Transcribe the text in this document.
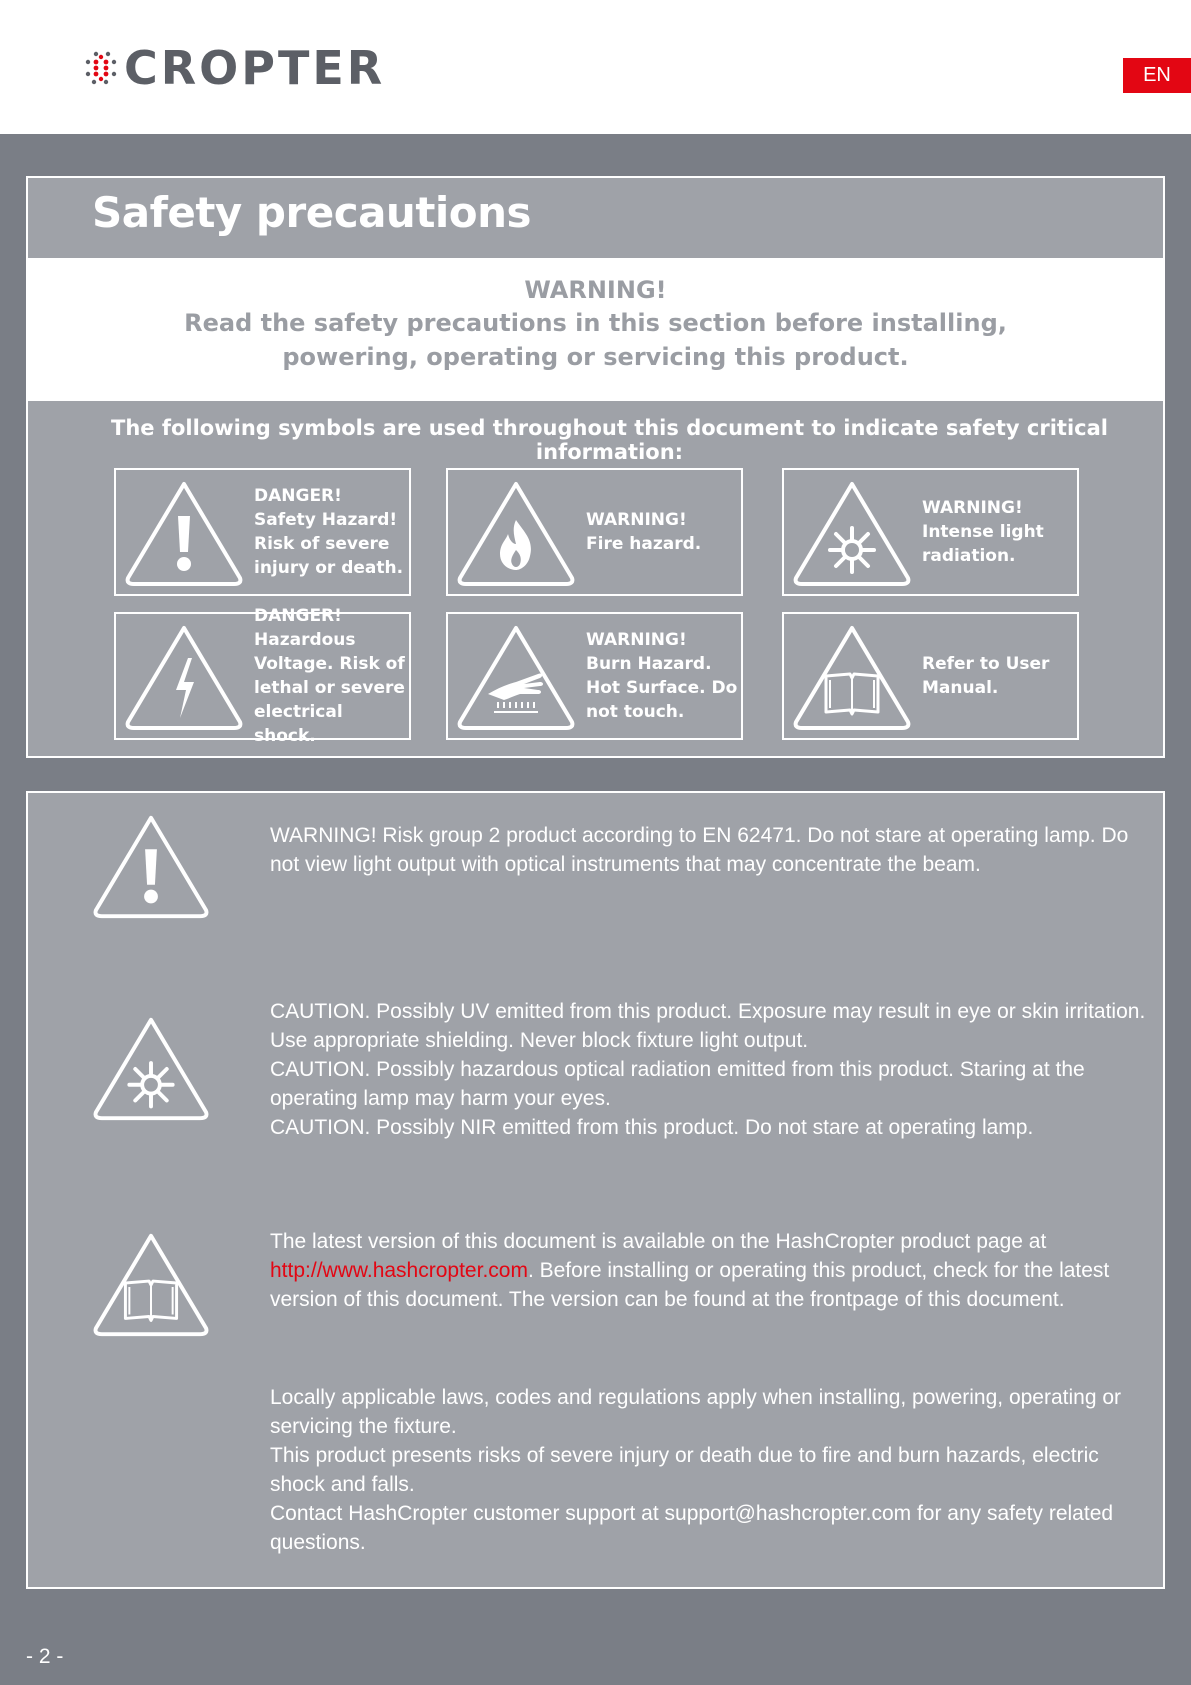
CROPTER	EN
Safety precautions
WARNING!
Read the safety precautions in this section before installing,
powering, operating or servicing this product.
The following symbols are used throughout this document to indicate safety critical information:
DANGER!
Safety Hazard!
Risk of severe
injury or death.
WARNING!
Fire hazard.
WARNING!
Intense light
radiation.
DANGER!
Hazardous
Voltage. Risk of
lethal or severe
electrical shock.
WARNING!
Burn Hazard.
Hot Surface. Do
not touch.
Refer to User
Manual.

WARNING! Risk group 2 product according to EN 62471. Do not stare at operating lamp. Do not view light output with optical instruments that may concentrate the beam.

CAUTION. Possibly UV emitted from this product. Exposure may result in eye or skin irritation. Use appropriate shielding. Never block fixture light output.

CAUTION. Possibly hazardous optical radiation emitted from this product. Staring at the operating lamp may harm your eyes.

CAUTION. Possibly NIR emitted from this product. Do not stare at operating lamp.

The latest version of this document is available on the HashCropter product page at http://www.hashcropter.com. Before installing or operating this product, check for the latest version of this document. The version can be found at the frontpage of this document.

Locally applicable laws, codes and regulations apply when installing, powering, operating or servicing the fixture.

This product presents risks of severe injury or death due to fire and burn hazards, electric shock and falls.

Contact HashCropter customer support at support@hashcropter.com for any safety related questions.

- 2 -
